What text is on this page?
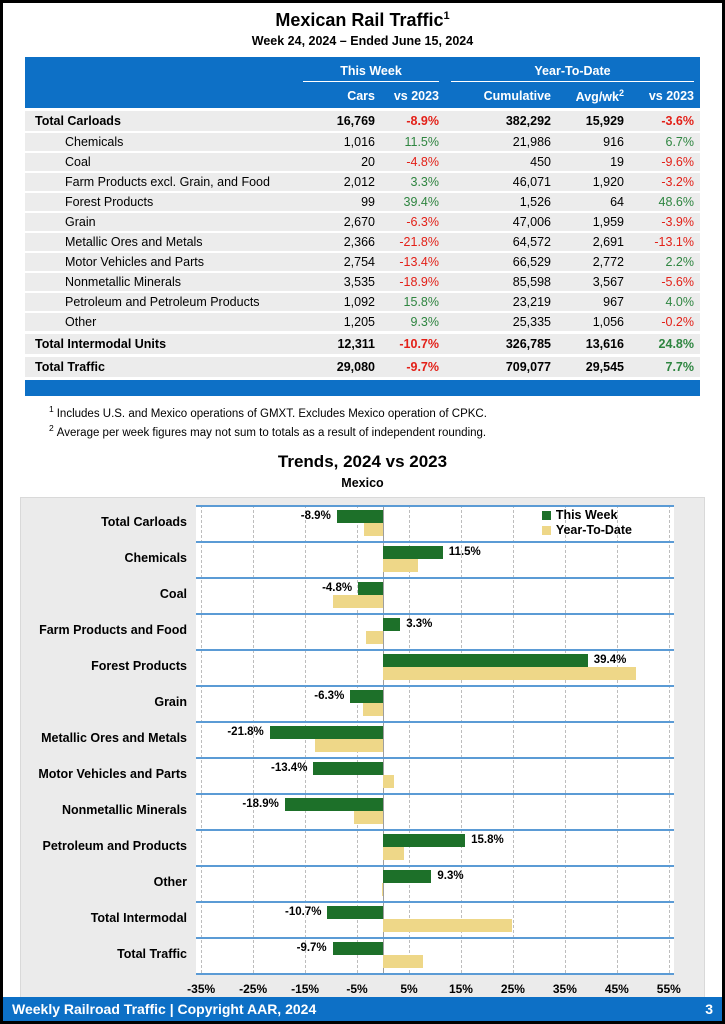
Mexican Rail Traffic$^1$
Week 24, 2024 – Ended June 15, 2024
This Week	Year-To-Date
Cars	vs 2023	Cumulative	Avg/$wk^2$	vs 2023
Total Carloads	16,769	-8.9%	382,292	15,929	-3.6%
Chemicals	1,016	11.5%	21,986	916	6.7%
Coal	20	-4.8%	450	19	-9.6%
Farm Products excl. Grain, and Food	2,012	3.3%	46,071	1,920	-3.2%
Forest Products	99	39.4%	1,526	64	48.6%
Grain	2,670	-6.3%	47,006	1,959	-3.9%
Metallic Ores and Metals	2,366	-21.8%	64,572	2,691	-13.1%
Motor Vehicles and Parts	2,754	-13.4%	66,529	2,772	2.2%
Nonmetallic Minerals	3,535	-18.9%	85,598	3,567	-5.6%
Petroleum and Petroleum Products	1,092	15.8%	23,219	967	4.0%
Other	1,205	9.3%	25,335	1,056	-0.2%
Total Intermodal Units	12,311	-10.7%	326,785	13,616	24.8%
Total Traffic	29,080	-9.7%	709,077	29,545	7.7%
$^1$ Includes U.S. and Mexico operations of GMXT. Excludes Mexico operation of CPKC.
$^2$ Average per week figures may not sum to totals as a result of independent rounding.
Trends, 2024 vs 2023
Mexico
Total Carloads
Chemicals
Coal
Farm Products and Food
Forest Products
Grain
Metallic Ores and Metals
Motor Vehicles and Parts
Nonmetallic Minerals
Petroleum and Products
Other
Total Intermodal
Total Traffic
This Week
Year-To-Date
-8.9%
11.5%
-4.8%
3.3%
39.4%
-6.3%
-21.8%
-13.4%
-18.9%
15.8%
9.3%
-10.7%
-9.7%
-35% -25% -15% -5%	5%	15% 25% 35% 45% 55%
Weekly Railroad Traffic | Copyright AAR, 2024	3
